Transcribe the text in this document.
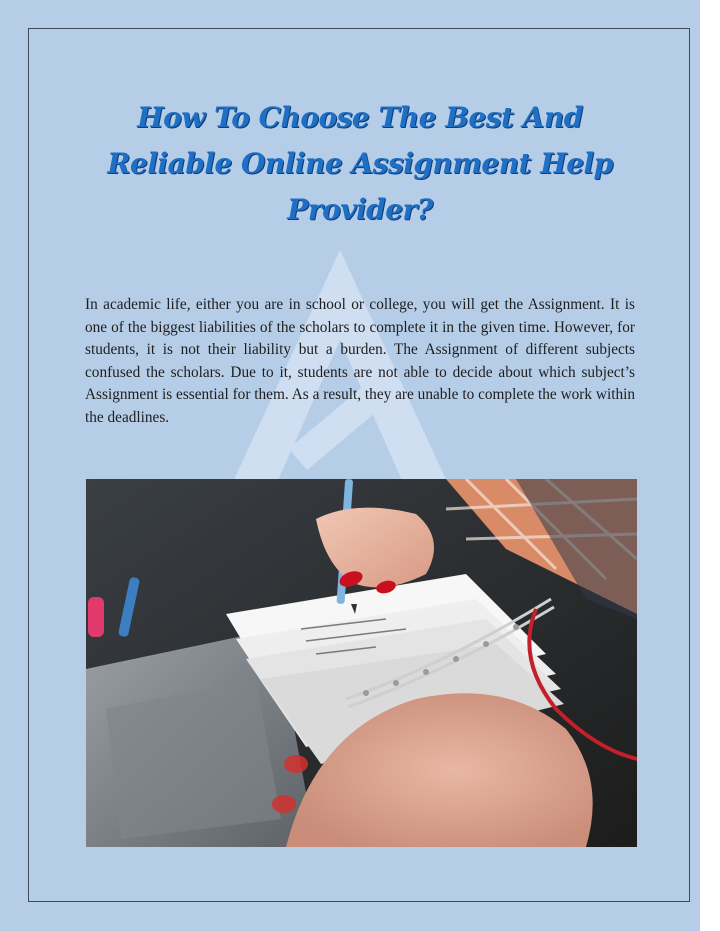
How To Choose The Best And
Reliable Online Assignment Help
Provider?

In academic life, either you are in school or college, you will get the Assignment. It is one of the biggest liabilities of the scholars to complete it in the given time. However, for students, it is not their liability but a burden. The Assignment of different subjects confused the scholars. Due to it, students are not able to decide about which subject’s Assignment is essential for them. As a result, they are unable to complete the work within the deadlines.
